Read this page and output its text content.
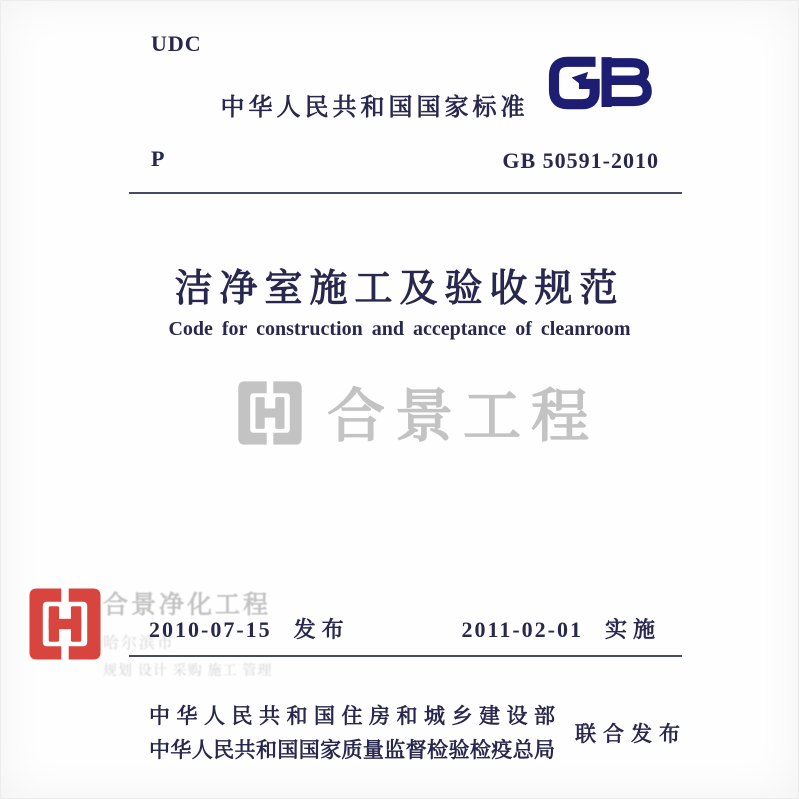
UDC
中华人民共和国国家标准
P	GB 50591-2010
洁净室施工及验收规范
Code for construction and acceptance of cleanroom
合景工程
合景净化工程
哈尔滨市
规划 设计 采购 施工 管理
2010-07-15 发布	2011-02-01 实施
中华人民共和国住房和城乡建设部
中华人民共和国国家质量监督检验检疫总局
联合发布
